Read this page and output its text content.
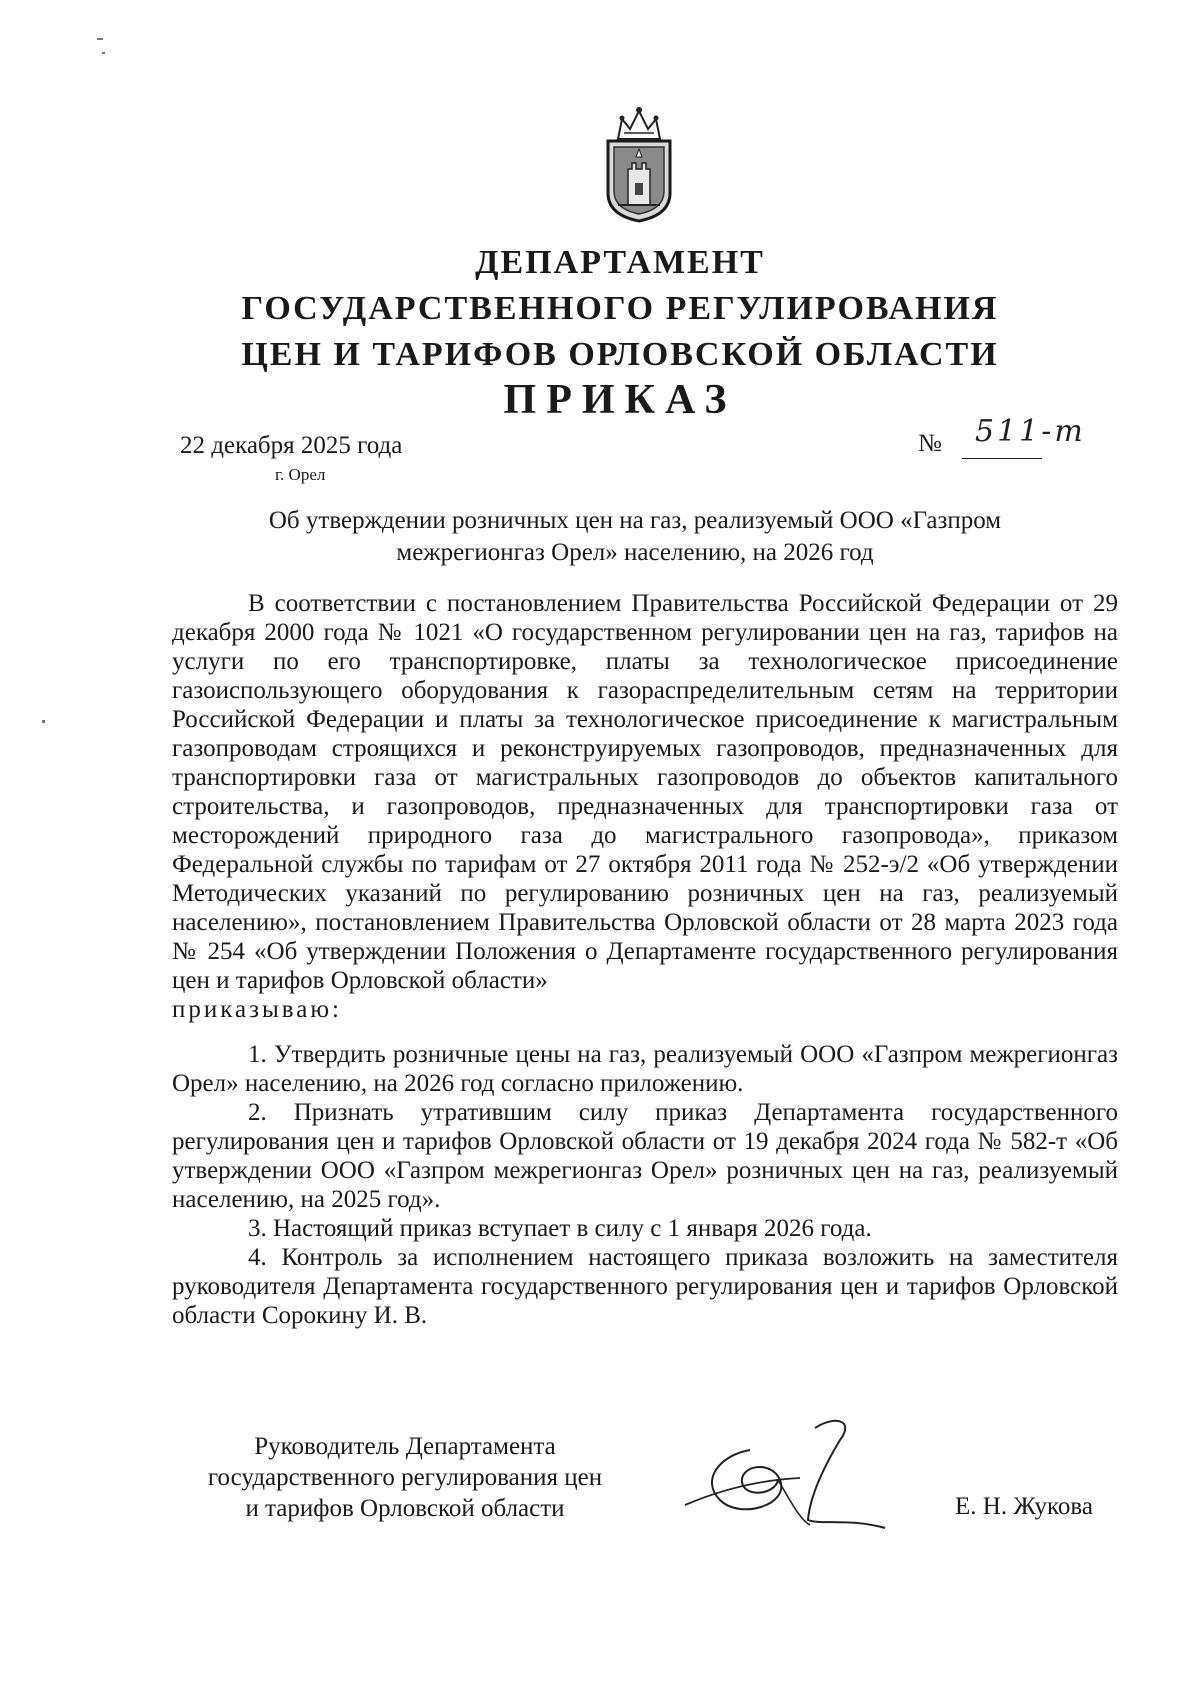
ДЕПАРТАМЕНТ
ГОСУДАРСТВЕННОГО РЕГУЛИРОВАНИЯ
ЦЕН И ТАРИФОВ ОРЛОВСКОЙ ОБЛАСТИ
ПРИКАЗ
22 декабря 2025 года
г. Орел
№ 511-т
Об утверждении розничных цен на газ, реализуемый ООО «Газпром
межрегионгаз Орел» населению, на 2026 год

В соответствии с постановлением Правительства Российской Федерации от 29 декабря 2000 года № 1021 «О государственном регулировании цен на газ, тарифов на услуги по его транспортировке, платы за технологическое присоединение газоиспользующего оборудования к газораспределительным сетям на территории Российской Федерации и платы за технологическое присоединение к магистральным газопроводам строящихся и реконструируемых газопроводов, предназначенных для транспортировки газа от магистральных газопроводов до объектов капитального строительства, и газопроводов, предназначенных для транспортировки газа от месторождений природного газа до магистрального газопровода», приказом Федеральной службы по тарифам от 27 октября 2011 года № 252-э/2 «Об утверждении Методических указаний по регулированию розничных цен на газ, реализуемый населению», постановлением Правительства Орловской области от 28 марта 2023 года № 254 «Об утверждении Положения о Департаменте государственного регулирования цен и тарифов Орловской области»

приказываю:

1. Утвердить розничные цены на газ, реализуемый ООО «Газпром межрегионгаз Орел» населению, на 2026 год согласно приложению.

2. Признать утратившим силу приказ Департамента государственного регулирования цен и тарифов Орловской области от 19 декабря 2024 года № 582-т «Об утверждении ООО «Газпром межрегионгаз Орел» розничных цен на газ, реализуемый населению, на 2025 год».

3. Настоящий приказ вступает в силу с 1 января 2026 года.

4. Контроль за исполнением настоящего приказа возложить на заместителя руководителя Департамента государственного регулирования цен и тарифов Орловской области Сорокину И. В.

Руководитель Департамента
государственного регулирования цен
и тарифов Орловской области	Е. Н. Жукова
